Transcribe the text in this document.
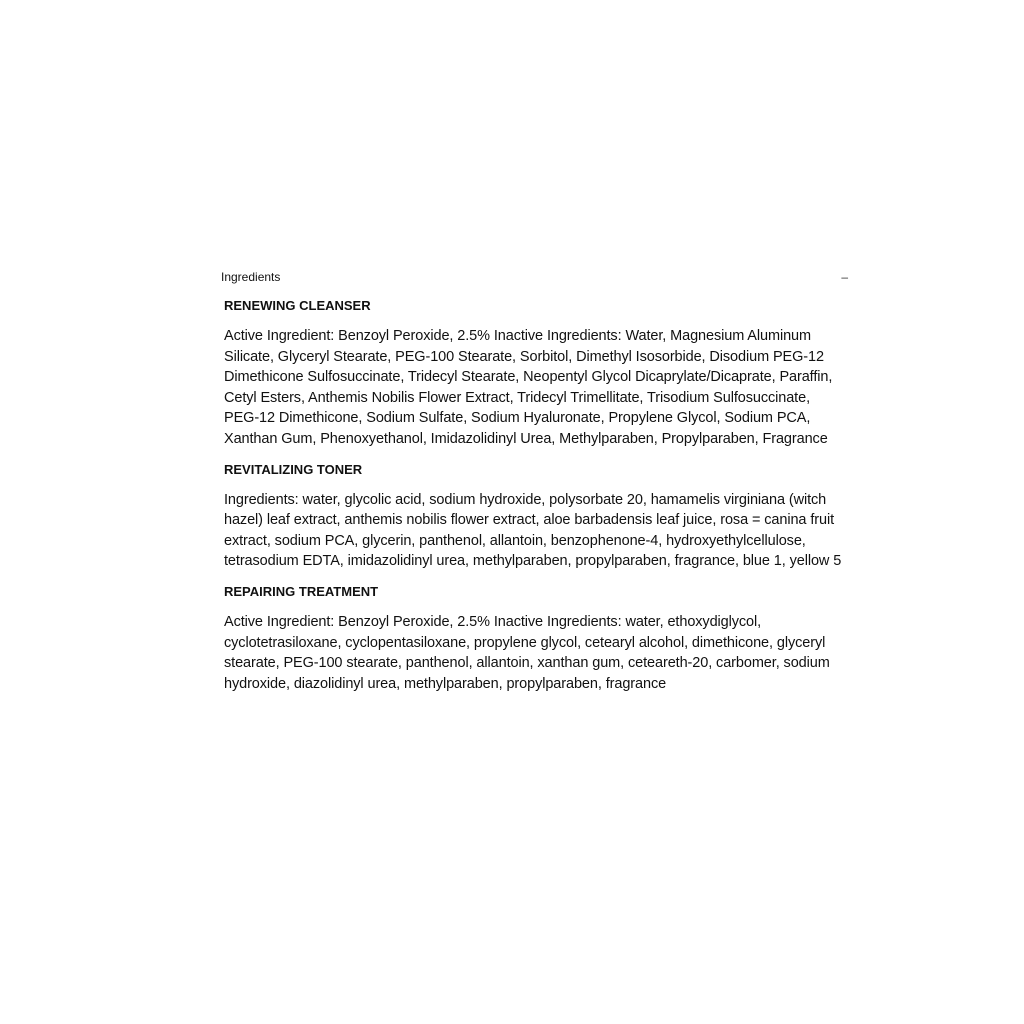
Ingredients	–

RENEWING CLEANSER

Active Ingredient: Benzoyl Peroxide, 2.5% Inactive Ingredients: Water, Magnesium Aluminum Silicate, Glyceryl Stearate, PEG-100 Stearate, Sorbitol, Dimethyl Isosorbide, Disodium PEG-12 Dimethicone Sulfosuccinate, Tridecyl Stearate, Neopentyl Glycol Dicaprylate/Dicaprate, Paraffin, Cetyl Esters, Anthemis Nobilis Flower Extract, Tridecyl Trimellitate, Trisodium Sulfosuccinate, PEG-12 Dimethicone, Sodium Sulfate, Sodium Hyaluronate, Propylene Glycol, Sodium PCA, Xanthan Gum, Phenoxyethanol, Imidazolidinyl Urea, Methylparaben, Propylparaben, Fragrance

REVITALIZING TONER

Ingredients: water, glycolic acid, sodium hydroxide, polysorbate 20, hamamelis virginiana (witch hazel) leaf extract, anthemis nobilis flower extract, aloe barbadensis leaf juice, rosa = canina fruit extract, sodium PCA, glycerin, panthenol, allantoin, benzophenone-4, hydroxyethylcellulose, tetrasodium EDTA, imidazolidinyl urea, methylparaben, propylparaben, fragrance, blue 1, yellow 5

REPAIRING TREATMENT

Active Ingredient: Benzoyl Peroxide, 2.5% Inactive Ingredients: water, ethoxydiglycol, cyclotetrasiloxane, cyclopentasiloxane, propylene glycol, cetearyl alcohol, dimethicone, glyceryl stearate, PEG-100 stearate, panthenol, allantoin, xanthan gum, ceteareth-20, carbomer, sodium hydroxide, diazolidinyl urea, methylparaben, propylparaben, fragrance
